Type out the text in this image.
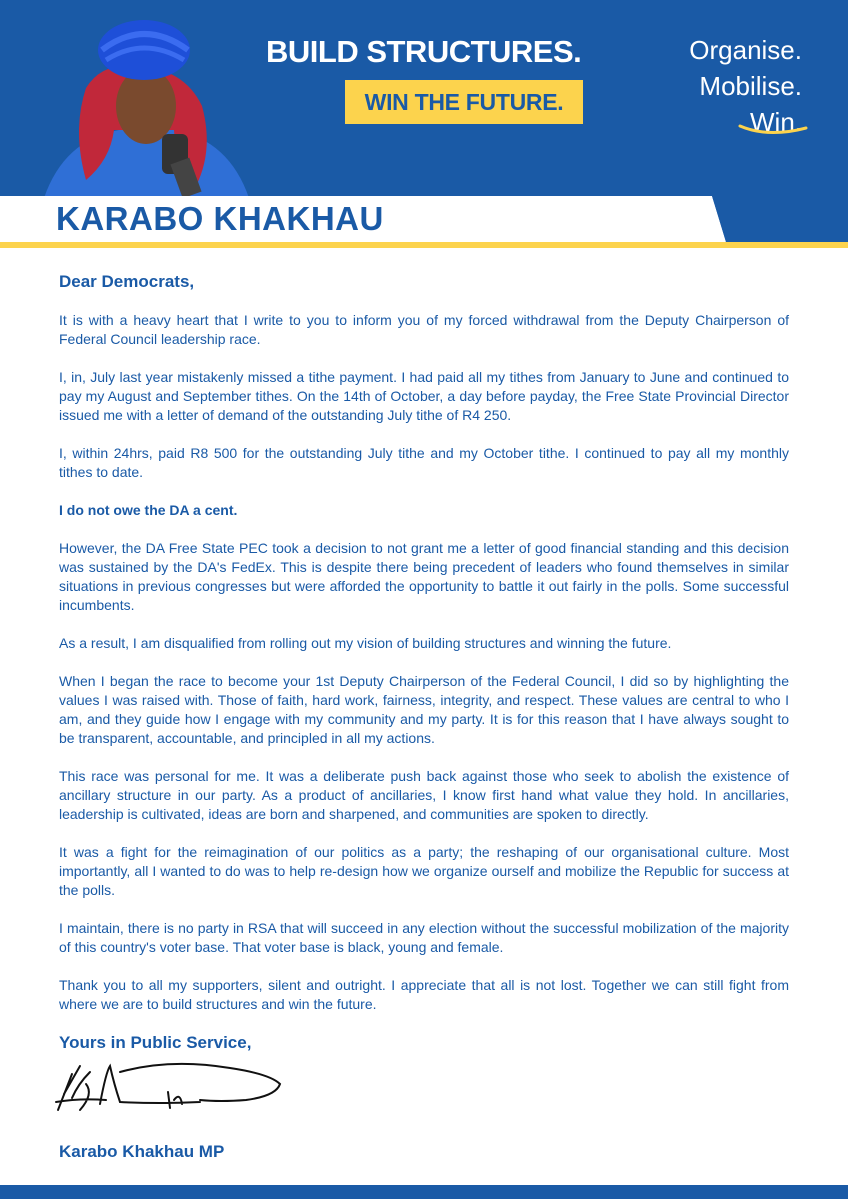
BUILD STRUCTURES.
WIN THE FUTURE.
Organise.
Mobilise.
Win.
KARABO KHAKHAU
Dear Democrats,

It is with a heavy heart that I write to you to inform you of my forced withdrawal from the Deputy Chairperson of Federal Council leadership race.

I, in, July last year mistakenly missed a tithe payment. I had paid all my tithes from January to June and continued to pay my August and September tithes. On the 14th of October, a day before payday, the Free State Provincial Director issued me with a letter of demand of the outstanding July tithe of R4 250.

I, within 24hrs, paid R8 500 for the outstanding July tithe and my October tithe. I continued to pay all my monthly tithes to date.

I do not owe the DA a cent.

However, the DA Free State PEC took a decision to not grant me a letter of good financial standing and this decision was sustained by the DA's FedEx. This is despite there being precedent of leaders who found themselves in similar situations in previous congresses but were afforded the opportunity to battle it out fairly in the polls. Some successful incumbents.

As a result, I am disqualified from rolling out my vision of building structures and winning the future.

When I began the race to become your 1st Deputy Chairperson of the Federal Council, I did so by highlighting the values I was raised with. Those of faith, hard work, fairness, integrity, and respect. These values are central to who I am, and they guide how I engage with my community and my party. It is for this reason that I have always sought to be transparent, accountable, and principled in all my actions.

This race was personal for me. It was a deliberate push back against those who seek to abolish the existence of ancillary structure in our party. As a product of ancillaries, I know first hand what value they hold. In ancillaries, leadership is cultivated, ideas are born and sharpened, and communities are spoken to directly.

It was a fight for the reimagination of our politics as a party; the reshaping of our organisational culture. Most importantly, all I wanted to do was to help re-design how we organize ourself and mobilize the Republic for success at the polls.

I maintain, there is no party in RSA that will succeed in any election without the successful mobilization of the majority of this country's voter base. That voter base is black, young and female.

Thank you to all my supporters, silent and outright. I appreciate that all is not lost. Together we can still fight from where we are to build structures and win the future.

Yours in Public Service,
Karabo Khakhau MP
